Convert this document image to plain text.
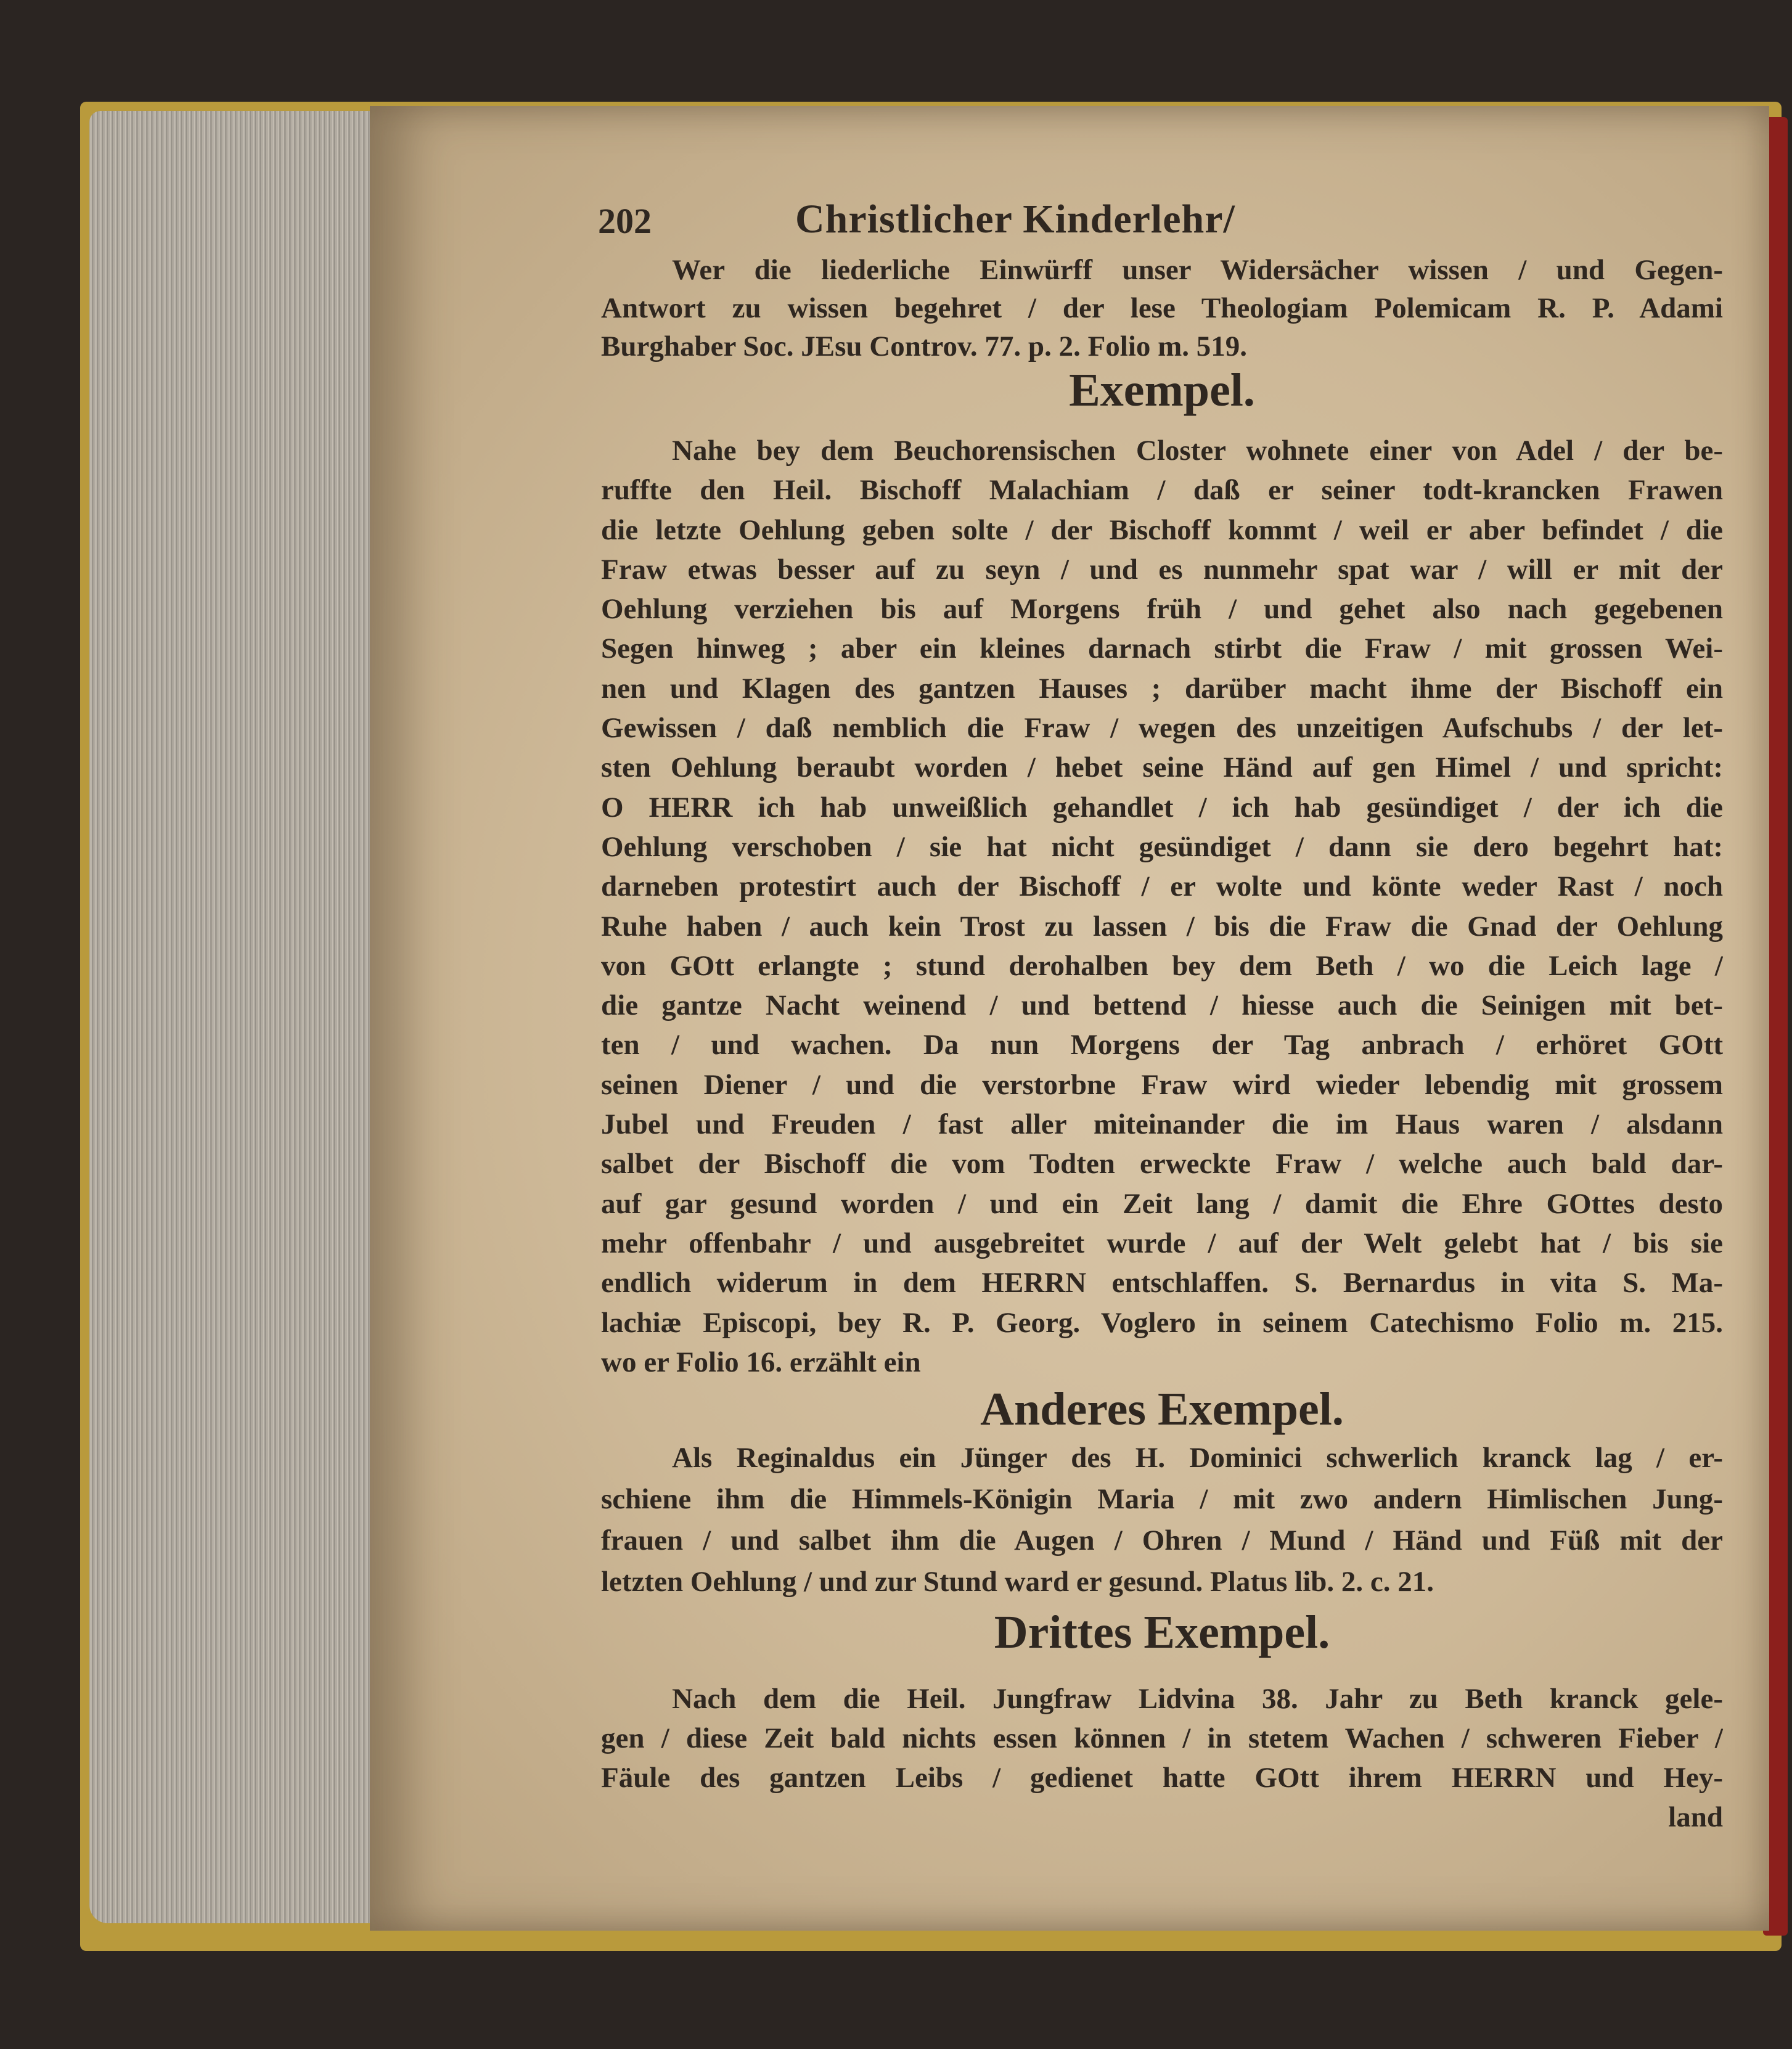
202	Christlicher Kinderlehr/
Wer die liederliche Einwürff unser Widersächer wissen / und Gegen-
Antwort zu wissen begehret / der lese Theologiam Polemicam R. P. Adami
Burghaber Soc. JEsu Controv. 77. p. 2. Folio m. 519.
Exempel.
Nahe bey dem Beuchorensischen Closter wohnete einer von Adel / der be-
ruffte den Heil. Bischoff Malachiam / daß er seiner todt-krancken Frawen
die letzte Oehlung geben solte / der Bischoff kommt / weil er aber befindet / die
Fraw etwas besser auf zu seyn / und es nunmehr spat war / will er mit der
Oehlung verziehen bis auf Morgens früh / und gehet also nach gegebenen
Segen hinweg ; aber ein kleines darnach stirbt die Fraw / mit grossen Wei-
nen und Klagen des gantzen Hauses ; darüber macht ihme der Bischoff ein
Gewissen / daß nemblich die Fraw / wegen des unzeitigen Aufschubs / der let-
sten Oehlung beraubt worden / hebet seine Händ auf gen Himel / und spricht:
O HERR ich hab unweißlich gehandlet / ich hab gesündiget / der ich die
Oehlung verschoben / sie hat nicht gesündiget / dann sie dero begehrt hat:
darneben protestirt auch der Bischoff / er wolte und könte weder Rast / noch
Ruhe haben / auch kein Trost zu lassen / bis die Fraw die Gnad der Oehlung
von GOtt erlangte ; stund derohalben bey dem Beth / wo die Leich lage /
die gantze Nacht weinend / und bettend / hiesse auch die Seinigen mit bet-
ten / und wachen. Da nun Morgens der Tag anbrach / erhöret GOtt
seinen Diener / und die verstorbne Fraw wird wieder lebendig mit grossem
Jubel und Freuden / fast aller miteinander die im Haus waren / alsdann
salbet der Bischoff die vom Todten erweckte Fraw / welche auch bald dar-
auf gar gesund worden / und ein Zeit lang / damit die Ehre GOttes desto
mehr offenbahr / und ausgebreitet wurde / auf der Welt gelebt hat / bis sie
endlich widerum in dem HERRN entschlaffen. S. Bernardus in vita S. Ma-
lachiæ Episcopi, bey R. P. Georg. Voglero in seinem Catechismo Folio m. 215.
wo er Folio 16. erzählt ein
Anderes Exempel.
Als Reginaldus ein Jünger des H. Dominici schwerlich kranck lag / er-
schiene ihm die Himmels-Königin Maria / mit zwo andern Himlischen Jung-
frauen / und salbet ihm die Augen / Ohren / Mund / Händ und Füß mit der
letzten Oehlung / und zur Stund ward er gesund. Platus lib. 2. c. 21.
Drittes Exempel.
Nach dem die Heil. Jungfraw Lidvina 38. Jahr zu Beth kranck gele-
gen / diese Zeit bald nichts essen können / in stetem Wachen / schweren Fieber /
Fäule des gantzen Leibs / gedienet hatte GOtt ihrem HERRN und Hey-
land
